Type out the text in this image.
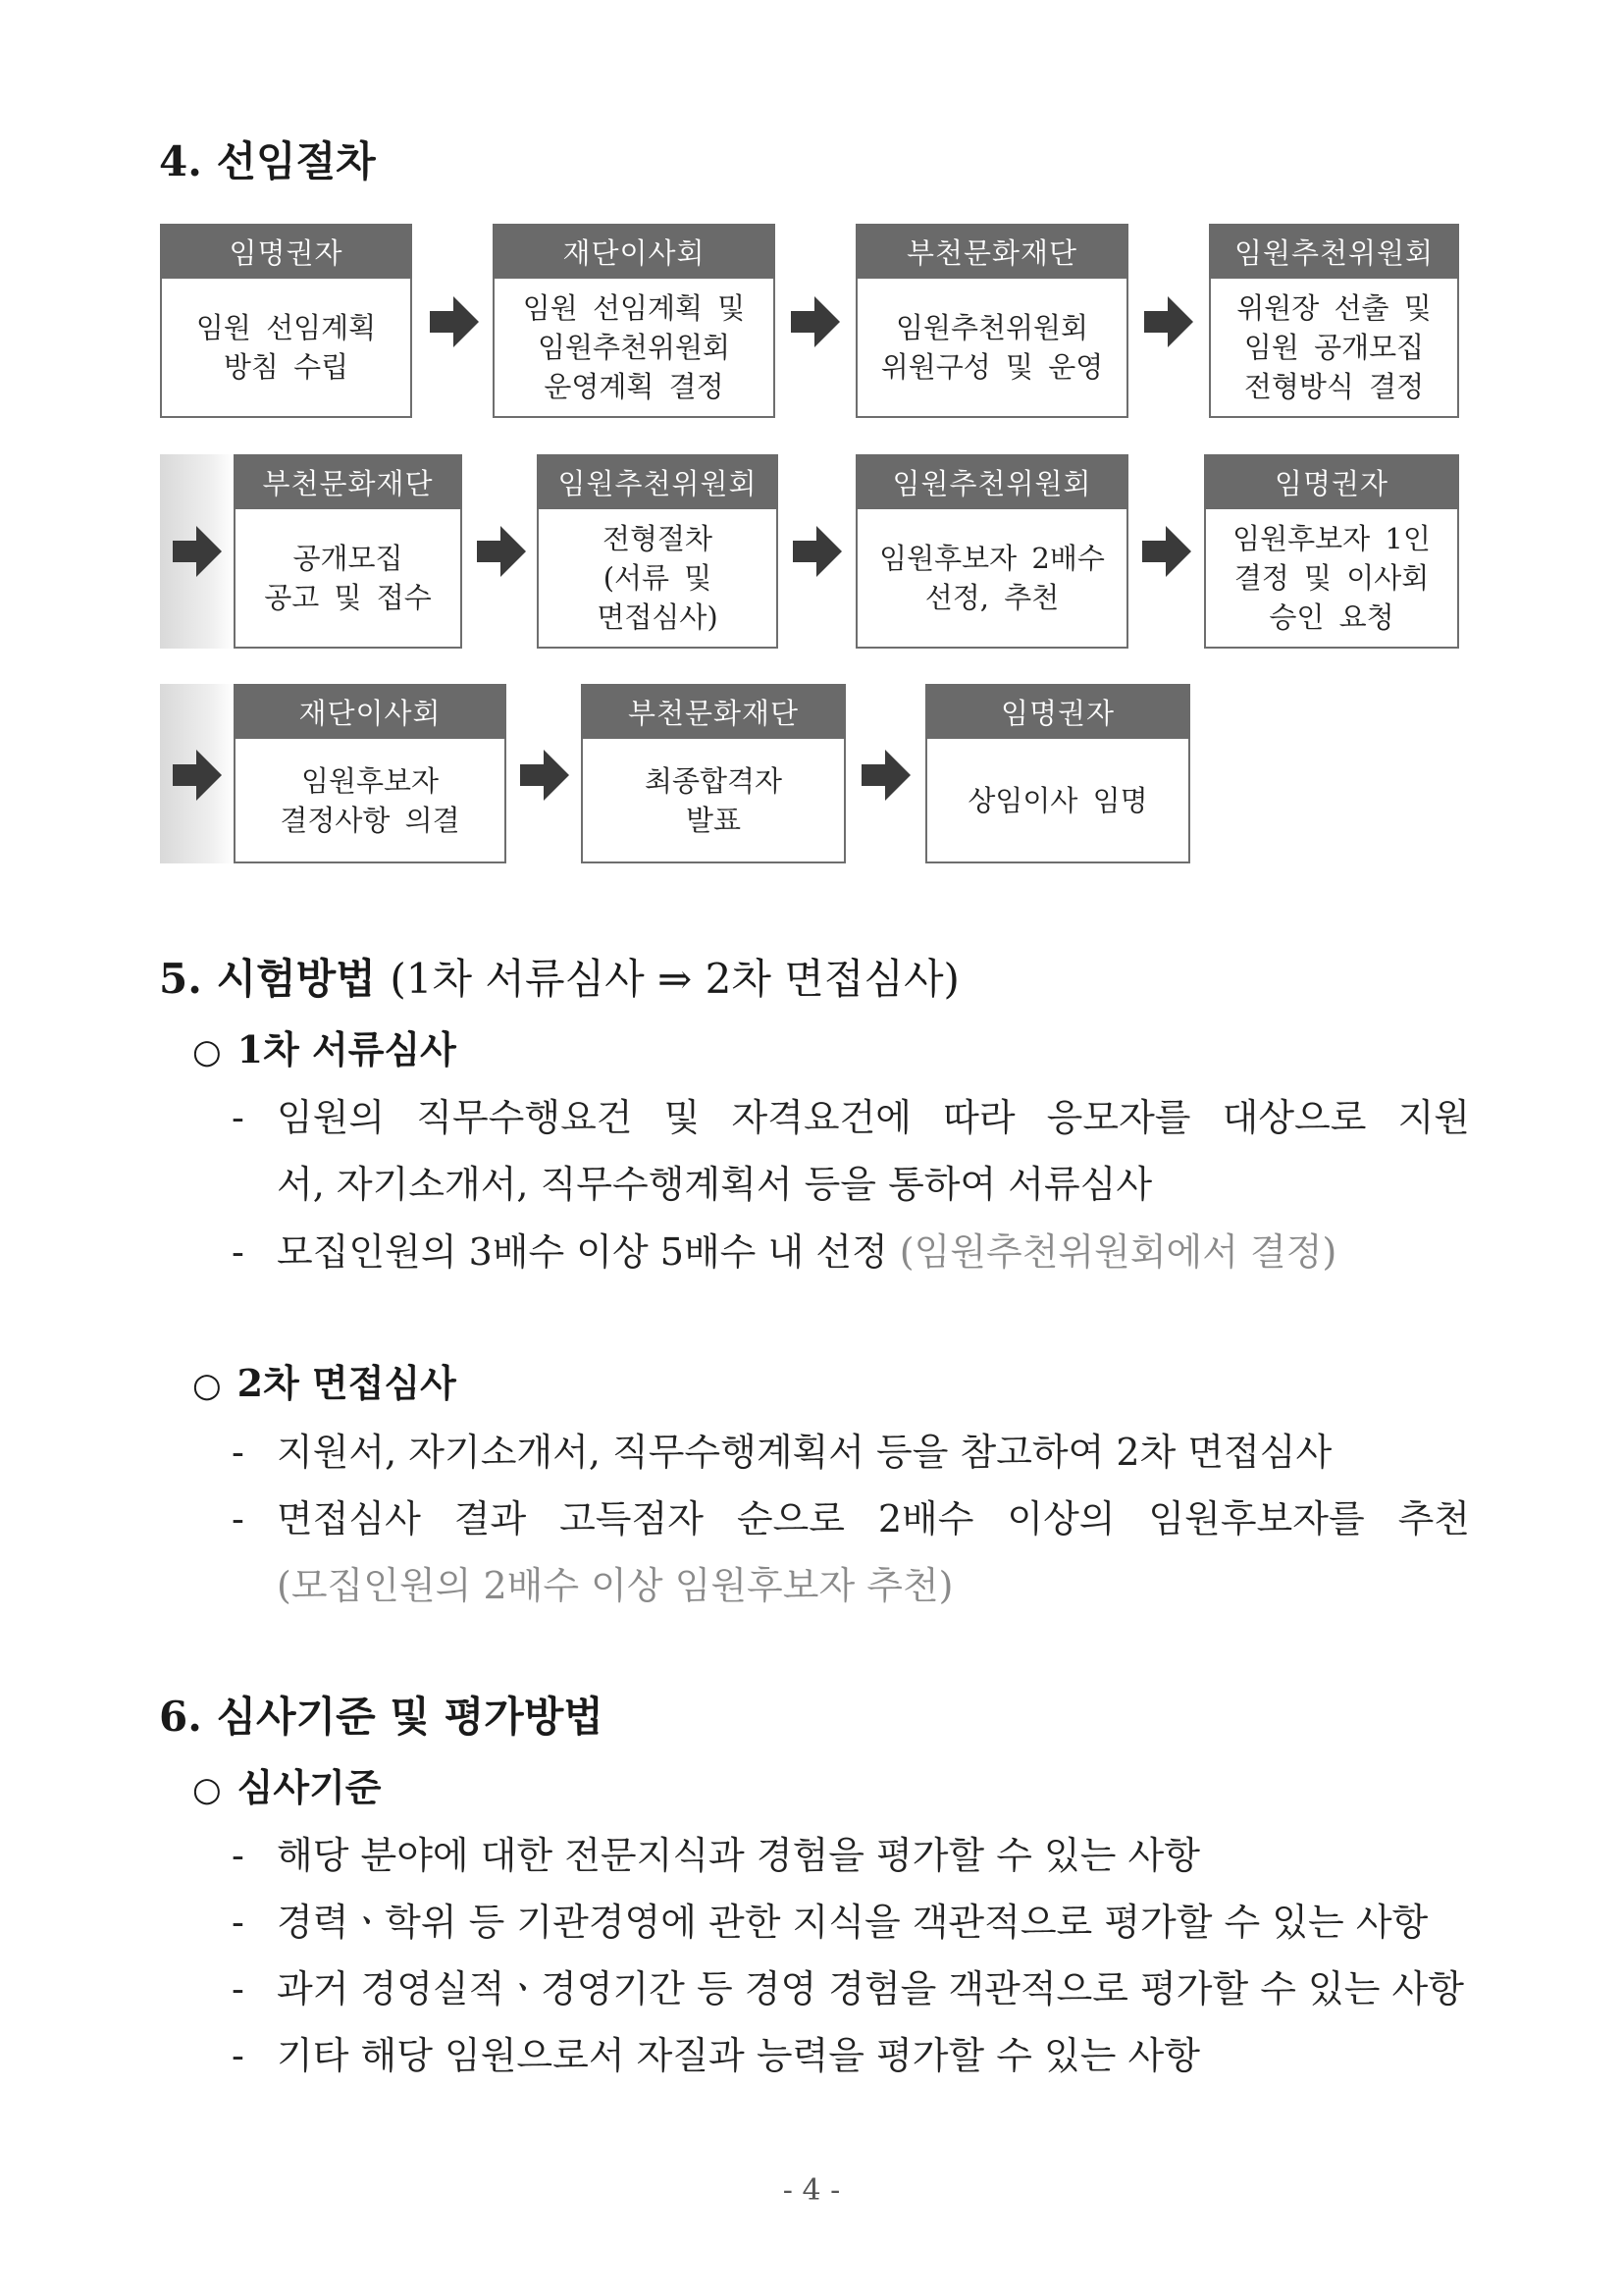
4. 선임절차
임명권자
임원 선임계획
방침 수립
재단이사회
임원 선임계획 및
임원추천위원회
운영계획 결정
부천문화재단
임원추천위원회
위원구성 및 운영
임원추천위원회
위원장 선출 및
임원 공개모집
전형방식 결정
부천문화재단
공개모집
공고 및 접수
임원추천위원회
전형절차
(서류 및
면접심사)
임원추천위원회
임원후보자 2배수
선정, 추천
임명권자
임원후보자 1인
결정 및 이사회
승인 요청
재단이사회
임원후보자
결정사항 의결
부천문화재단
최종합격자
발표
임명권자
상임이사 임명
5. 시험방법 (1차 서류심사 ⇒ 2차 면접심사)
○ 1차 서류심사
- 임원의 직무수행요건 및 자격요건에 따라 응모자를 대상으로 지원
서, 자기소개서, 직무수행계획서 등을 통하여 서류심사
- 모집인원의 3배수 이상 5배수 내 선정 (임원추천위원회에서 결정)
○ 2차 면접심사
- 지원서, 자기소개서, 직무수행계획서 등을 참고하여 2차 면접심사
- 면접심사 결과 고득점자 순으로 2배수 이상의 임원후보자를 추천
(모집인원의 2배수 이상 임원후보자 추천)
6. 심사기준 및 평가방법
○ 심사기준
- 해당 분야에 대한 전문지식과 경험을 평가할 수 있는 사항
- 경력ㆍ학위 등 기관경영에 관한 지식을 객관적으로 평가할 수 있는 사항
- 과거 경영실적ㆍ경영기간 등 경영 경험을 객관적으로 평가할 수 있는 사항
- 기타 해당 임원으로서 자질과 능력을 평가할 수 있는 사항
- 4 -
